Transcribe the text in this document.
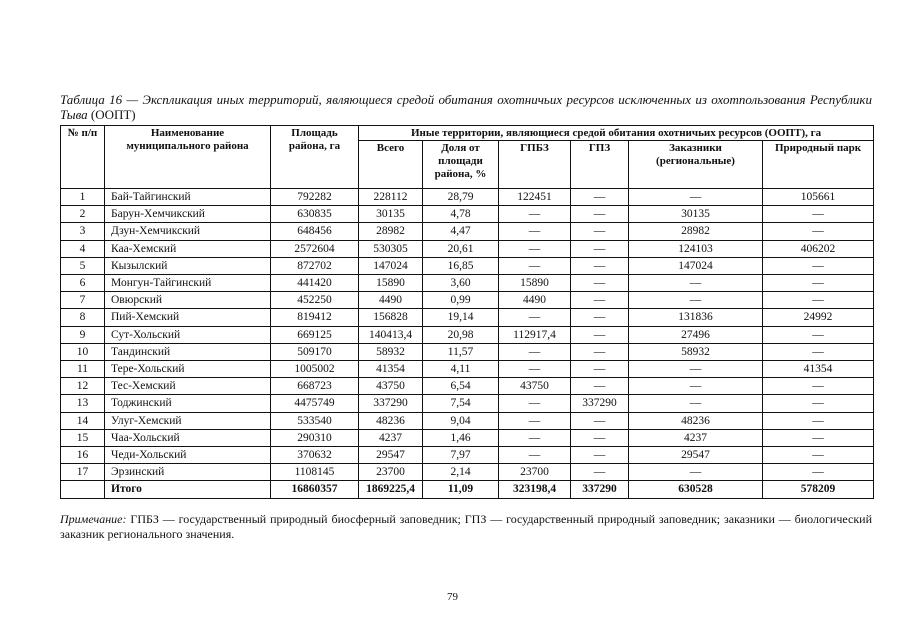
Таблица 16 — Экспликация иных территорий, являющиеся средой обитания охотничьих ресурсов исключенных из охотпользования Республики Тыва (ООПТ)
№ п/п	Наименование муниципального района	Площадь района, га	Иные территории, являющиеся средой обитания охотничьих ресурсов (ООПТ), га					
			Всего	Доля от площади района, %	ГПБЗ	ГПЗ	Заказники (региональные)	Природный парк
1	Бай-Тайгинский	792282	228112	28,79	122451	—	—	105661
2	Барун-Хемчикский	630835	30135	4,78	—	—	30135	—
3	Дзун-Хемчикский	648456	28982	4,47	—	—	28982	—
4	Каа-Хемский	2572604	530305	20,61	—	—	124103	406202
5	Кызылский	872702	147024	16,85	—	—	147024	—
6	Монгун-Тайгинский	441420	15890	3,60	15890	—	—	—
7	Овюрский	452250	4490	0,99	4490	—	—	—
8	Пий-Хемский	819412	156828	19,14	—	—	131836	24992
9	Сут-Хольский	669125	140413,4	20,98	112917,4	—	27496	—
10	Тандинский	509170	58932	11,57	—	—	58932	—
11	Тере-Хольский	1005002	41354	4,11	—	—	—	41354
12	Тес-Хемский	668723	43750	6,54	43750	—	—	—
13	Тоджинский	4475749	337290	7,54	—	337290	—	—
14	Улуг-Хемский	533540	48236	9,04	—	—	48236	—
15	Чаа-Хольский	290310	4237	1,46	—	—	4237	—
16	Чеди-Хольский	370632	29547	7,97	—	—	29547	—
17	Эрзинский	1108145	23700	2,14	23700	—	—	—
	Итого	16860357	1869225,4	11,09	323198,4	337290	630528	578209
Примечание: ГПБЗ — государственный природный биосферный заповедник; ГПЗ — государственный природный заповедник; заказники — биологический заказник регионального значения.
79
